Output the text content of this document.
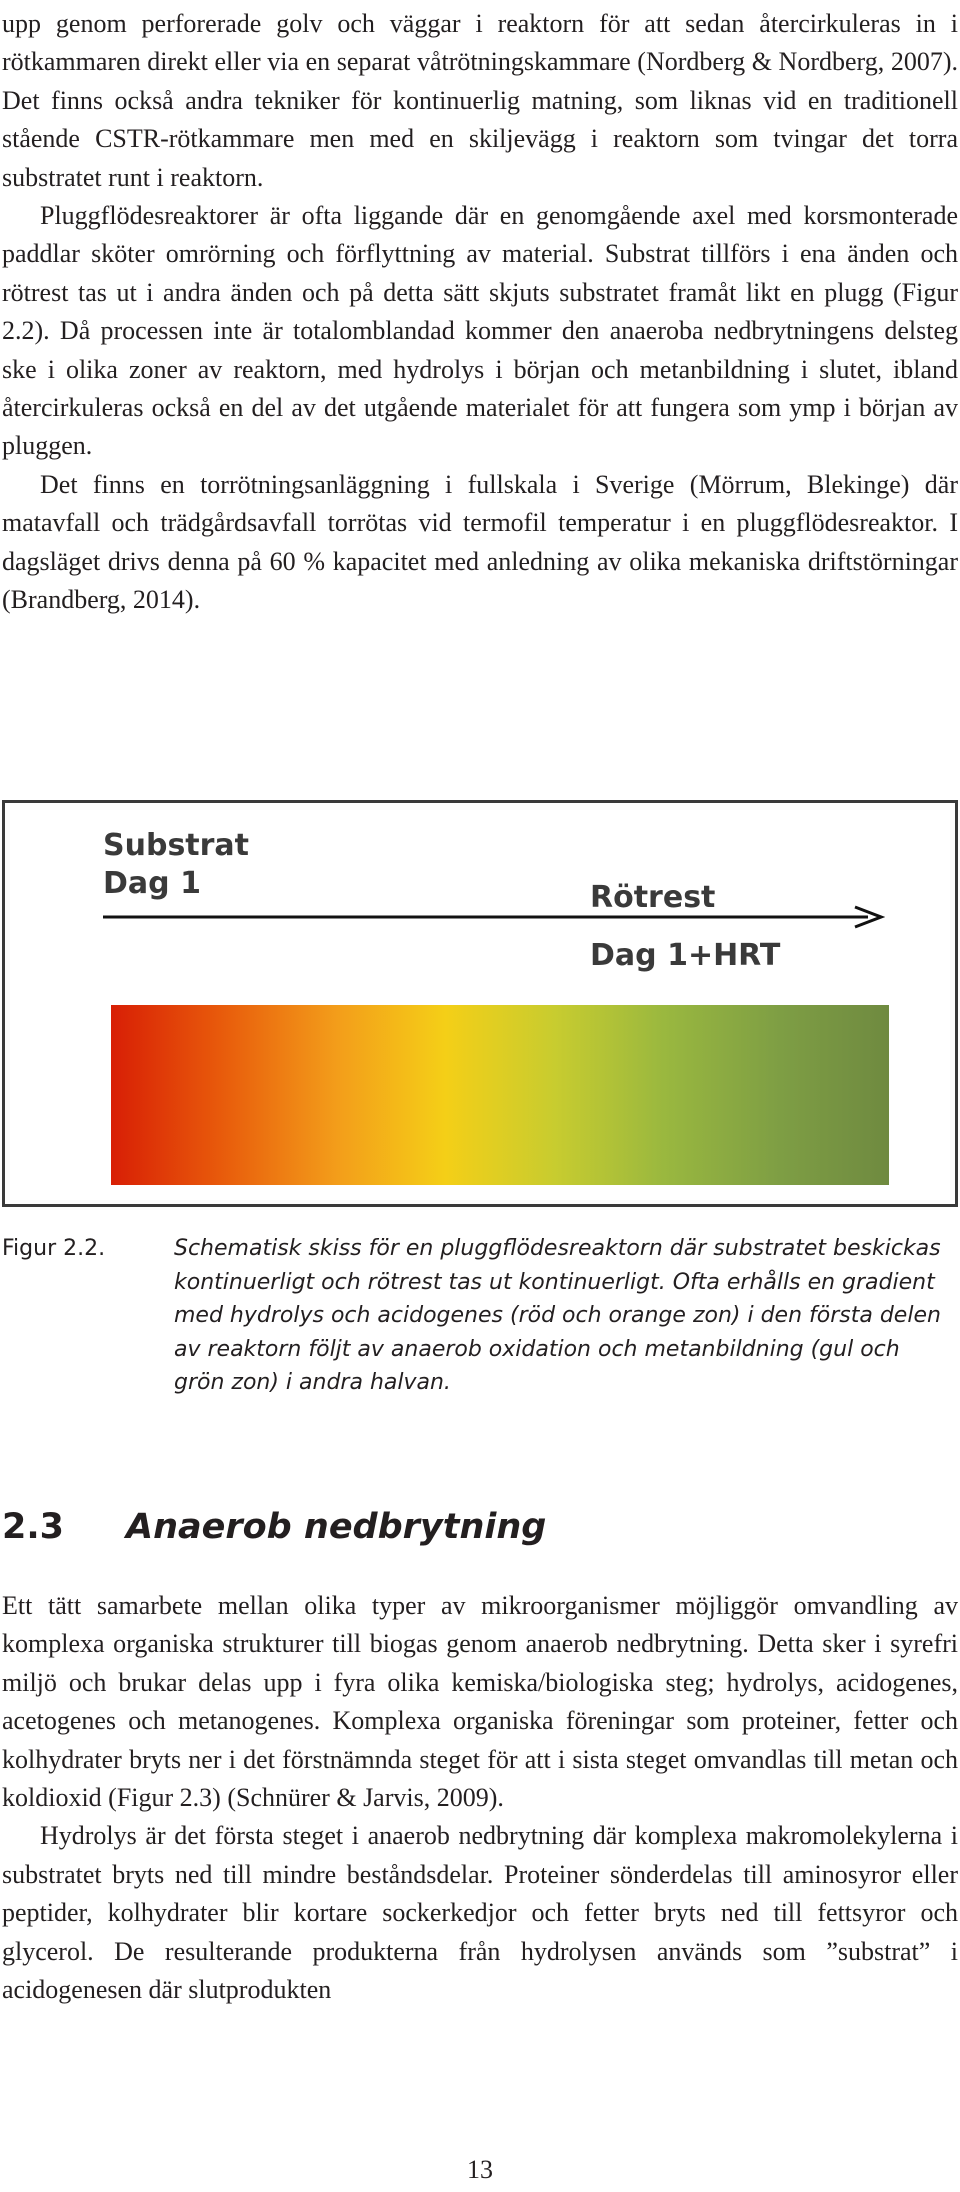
upp genom perforerade golv och väggar i reaktorn för att sedan återcirkuleras in i rötkammaren direkt eller via en separat våtrötningskammare (Nordberg & Nordberg, 2007). Det finns också andra tekniker för kontinuerlig matning, som liknas vid en traditionell stående CSTR-rötkammare men med en skiljevägg i reaktorn som tvingar det torra substratet runt i reaktorn.

Pluggflödesreaktorer är ofta liggande där en genomgående axel med korsmonterade paddlar sköter omrörning och förflyttning av material. Substrat tillförs i ena änden och rötrest tas ut i andra änden och på detta sätt skjuts substratet framåt likt en plugg (Figur 2.2). Då processen inte är totalomblandad kommer den anaeroba nedbrytningens delsteg ske i olika zoner av reaktorn, med hydrolys i början och metanbildning i slutet, ibland återcirkuleras också en del av det utgående materialet för att fungera som ymp i början av pluggen.

Det finns en torrötningsanläggning i fullskala i Sverige (Mörrum, Blekinge) där matavfall och trädgårdsavfall torrötas vid termofil temperatur i en pluggflödesreaktor. I dagsläget drivs denna på 60 % kapacitet med anledning av olika mekaniska driftstörningar (Brandberg, 2014).

Substrat
Dag 1	Rötrest
Dag 1+HRT
Figur 2.2.	Schematisk skiss för en pluggflödesreaktorn där substratet beskickas kontinuerligt och rötrest tas ut kontinuerligt. Ofta erhålls en gradient med hydrolys och acidogenes (röd och orange zon) i den första delen av reaktorn följt av anaerob oxidation och metanbildning (gul och grön zon) i andra halvan.
2.3 Anaerob nedbrytning

Ett tätt samarbete mellan olika typer av mikroorganismer möjliggör omvandling av komplexa organiska strukturer till biogas genom anaerob nedbrytning. Detta sker i syrefri miljö och brukar delas upp i fyra olika kemiska/biologiska steg; hydrolys, acidogenes, acetogenes och metanogenes. Komplexa organiska föreningar som proteiner, fetter och kolhydrater bryts ner i det förstnämnda steget för att i sista steget omvandlas till metan och koldioxid (Figur 2.3) (Schnürer & Jarvis, 2009).

Hydrolys är det första steget i anaerob nedbrytning där komplexa makromolekylerna i substratet bryts ned till mindre beståndsdelar. Proteiner sönderdelas till aminosyror eller peptider, kolhydrater blir kortare sockerkedjor och fetter bryts ned till fettsyror och glycerol. De resulterande produkterna från hydrolysen används som ”substrat” i acidogenesen där slutprodukten

13
